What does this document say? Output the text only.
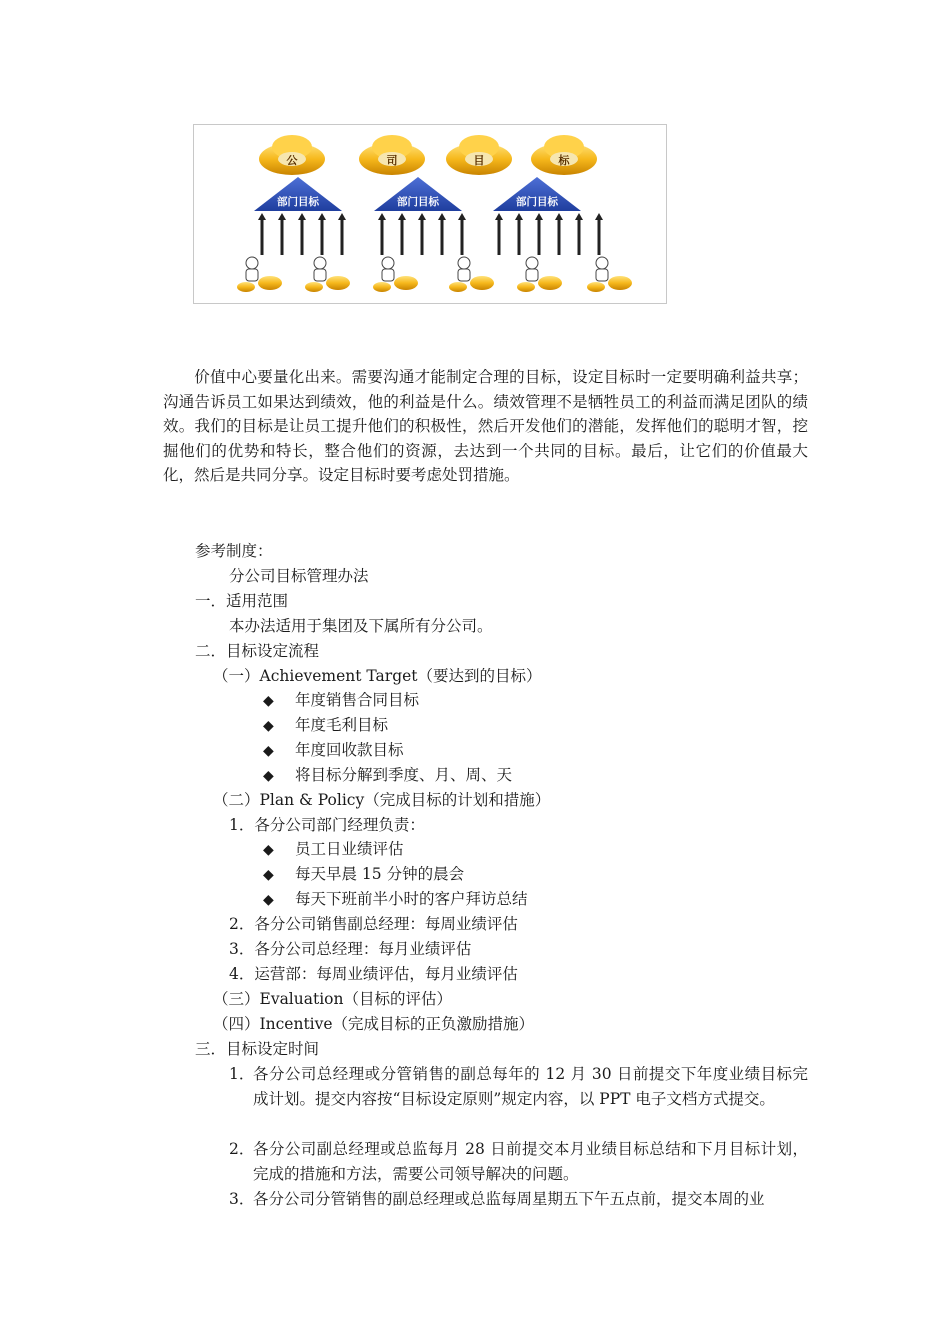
公	司	目	标
部门目标	部门目标	部门目标
价值中心要量化出来。需要沟通才能制定合理的目标，设定目标时一定要明确利益共享；沟通告诉员工如果达到绩效，他的利益是什么。绩效管理不是牺牲员工的利益而满足团队的绩效。我们的目标是让员工提升他们的积极性，然后开发他们的潜能，发挥他们的聪明才智，挖掘他们的优势和特长，整合他们的资源，去达到一个共同的目标。最后，让它们的价值最大化，然后是共同分享。设定目标时要考虑处罚措施。
参考制度：
分公司目标管理办法
一．适用范围
本办法适用于集团及下属所有分公司。
二．目标设定流程
（一）Achievement Target（要达到的目标）
◆ 年度销售合同目标
◆ 年度毛利目标
◆ 年度回收款目标
◆ 将目标分解到季度、月、周、天
（二）Plan & Policy（完成目标的计划和措施）
1．各分公司部门经理负责：
◆ 员工日业绩评估
◆ 每天早晨 15 分钟的晨会
◆ 每天下班前半小时的客户拜访总结
2．各分公司销售副总经理：每周业绩评估
3．各分公司总经理：每月业绩评估
4．运营部：每周业绩评估，每月业绩评估
（三）Evaluation（目标的评估）
（四）Incentive（完成目标的正负激励措施）
三．目标设定时间
1．
各分公司总经理或分管销售的副总每年的 12 月 30 日前提交下年度业绩目标完成计划。提交内容按“目标设定原则”规定内容，以 PPT 电子文档方式提交。
2．
各分公司副总经理或总监每月 28 日前提交本月业绩目标总结和下月目标计划，完成的措施和方法，需要公司领导解决的问题。
3．
各分公司分管销售的副总经理或总监每周星期五下午五点前，提交本周的业
